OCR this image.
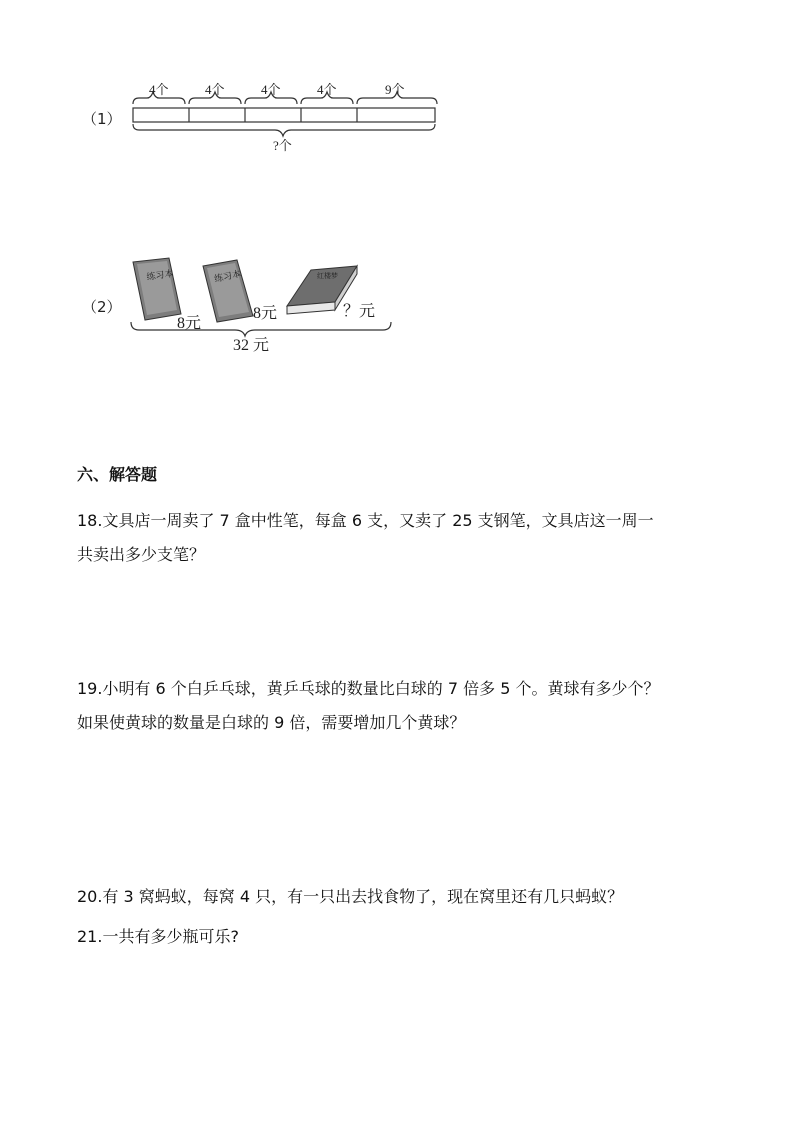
（1）
4个	4个	4个	4个	9个
?个
（2）
练习本	练习本	红楼梦
8元
8元	？元
32 元
六、解答题

18.文具店一周卖了 7 盒中性笔，每盒 6 支，又卖了 25 支钢笔，文具店这一周一

共卖出多少支笔？

19.小明有 6 个白乒乓球，黄乒乓球的数量比白球的 7 倍多 5 个。黄球有多少个？

如果使黄球的数量是白球的 9 倍，需要增加几个黄球？

20.有 3 窝蚂蚁，每窝 4 只，有一只出去找食物了，现在窝里还有几只蚂蚁？

21.一共有多少瓶可乐?
